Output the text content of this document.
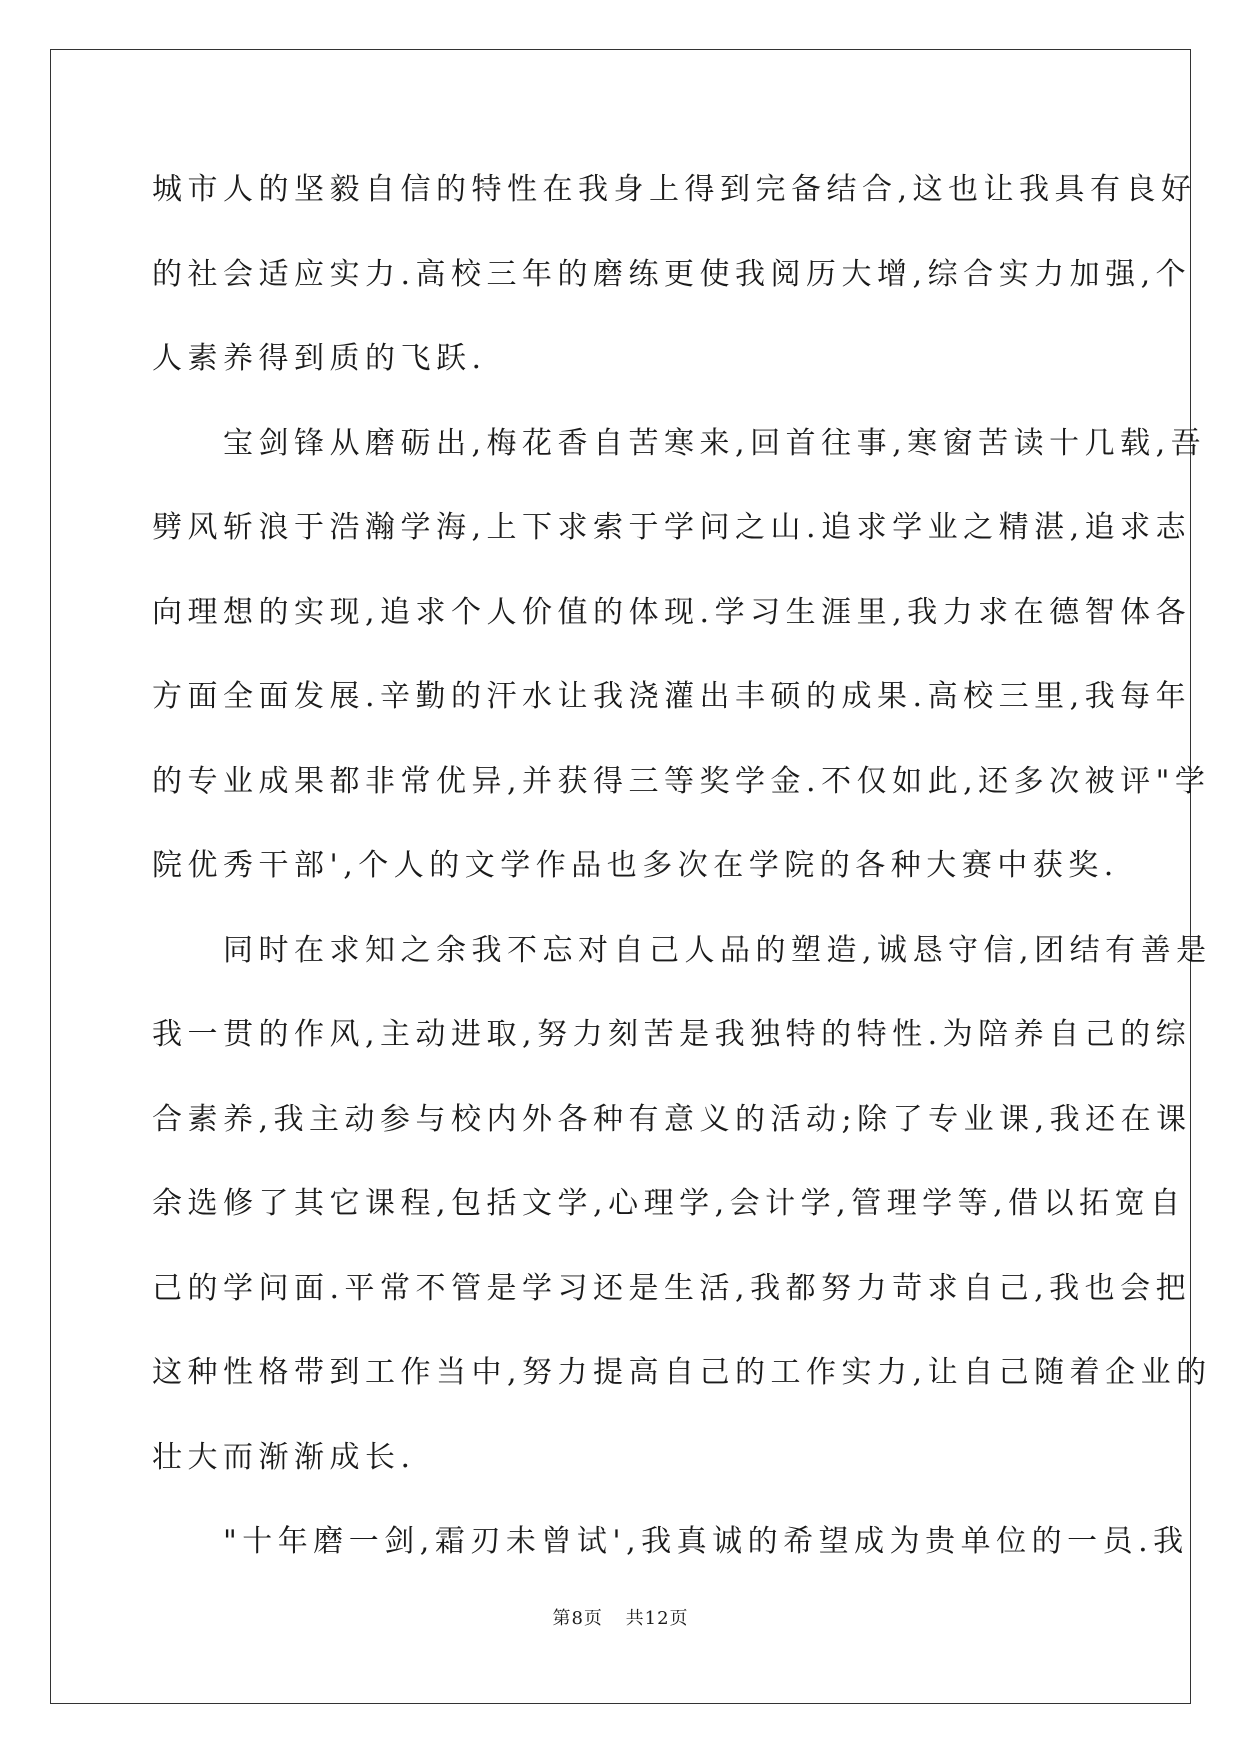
城市人的坚毅自信的特性在我身上得到完备结合,这也让我具有良好
的社会适应实力.高校三年的磨练更使我阅历大增,综合实力加强,个
人素养得到质的飞跃.
　　宝剑锋从磨砺出,梅花香自苦寒来,回首往事,寒窗苦读十几载,吾
劈风斩浪于浩瀚学海,上下求索于学问之山.追求学业之精湛,追求志
向理想的实现,追求个人价值的体现.学习生涯里,我力求在德智体各
方面全面发展.辛勤的汗水让我浇灌出丰硕的成果.高校三里,我每年
的专业成果都非常优异,并获得三等奖学金.不仅如此,还多次被评"学
院优秀干部',个人的文学作品也多次在学院的各种大赛中获奖.
　　同时在求知之余我不忘对自己人品的塑造,诚恳守信,团结有善是
我一贯的作风,主动进取,努力刻苦是我独特的特性.为陪养自己的综
合素养,我主动参与校内外各种有意义的活动;除了专业课,我还在课
余选修了其它课程,包括文学,心理学,会计学,管理学等,借以拓宽自
己的学问面.平常不管是学习还是生活,我都努力苛求自己,我也会把
这种性格带到工作当中,努力提高自己的工作实力,让自己随着企业的
壮大而渐渐成长.
　　"十年磨一剑,霜刃未曾试',我真诚的希望成为贵单位的一员.我
第8页 共12页
